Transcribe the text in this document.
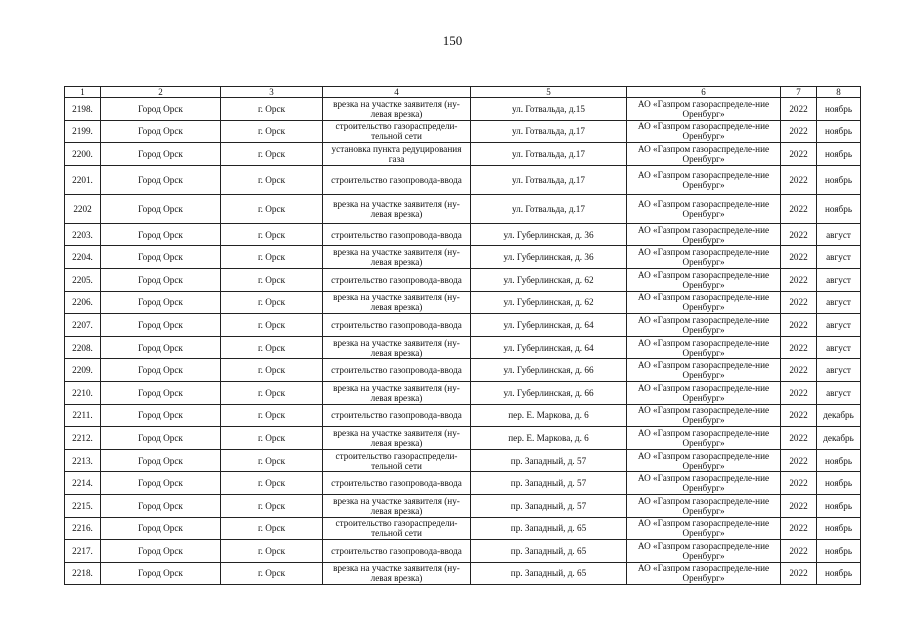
150
1	2	3	4	5	6	7	8
2198.	Город Орск	г. Орск	врезка на участке заявителя (ну-левая врезка)	ул. Готвальда, д.15	АО «Газпром газораспределе-ние Оренбург»	2022	ноябрь
2199.	Город Орск	г. Орск	строительство газораспредели-тельной сети	ул. Готвальда, д.17	АО «Газпром газораспределе-ние Оренбург»	2022	ноябрь
2200.	Город Орск	г. Орск	установка пункта редуцирования газа	ул. Готвальда, д.17	АО «Газпром газораспределе-ние Оренбург»	2022	ноябрь
2201.	Город Орск	г. Орск	строительство газопровода-ввода	ул. Готвальда, д.17	АО «Газпром газораспределе-ние Оренбург»	2022	ноябрь
2202	Город Орск	г. Орск	врезка на участке заявителя (ну-левая врезка)	ул. Готвальда, д.17	АО «Газпром газораспределе-ние Оренбург»	2022	ноябрь
2203.	Город Орск	г. Орск	строительство газопровода-ввода	ул. Губерлинская, д. 36	АО «Газпром газораспределе-ние Оренбург»	2022	август
2204.	Город Орск	г. Орск	врезка на участке заявителя (ну-левая врезка)	ул. Губерлинская, д. 36	АО «Газпром газораспределе-ние Оренбург»	2022	август
2205.	Город Орск	г. Орск	строительство газопровода-ввода	ул. Губерлинская, д. 62	АО «Газпром газораспределе-ние Оренбург»	2022	август
2206.	Город Орск	г. Орск	врезка на участке заявителя (ну-левая врезка)	ул. Губерлинская, д. 62	АО «Газпром газораспределе-ние Оренбург»	2022	август
2207.	Город Орск	г. Орск	строительство газопровода-ввода	ул. Губерлинская, д. 64	АО «Газпром газораспределе-ние Оренбург»	2022	август
2208.	Город Орск	г. Орск	врезка на участке заявителя (ну-левая врезка)	ул. Губерлинская, д. 64	АО «Газпром газораспределе-ние Оренбург»	2022	август
2209.	Город Орск	г. Орск	строительство газопровода-ввода	ул. Губерлинская, д. 66	АО «Газпром газораспределе-ние Оренбург»	2022	август
2210.	Город Орск	г. Орск	врезка на участке заявителя (ну-левая врезка)	ул. Губерлинская, д. 66	АО «Газпром газораспределе-ние Оренбург»	2022	август
2211.	Город Орск	г. Орск	строительство газопровода-ввода	пер. Е. Маркова, д. 6	АО «Газпром газораспределе-ние Оренбург»	2022	декабрь
2212.	Город Орск	г. Орск	врезка на участке заявителя (ну-левая врезка)	пер. Е. Маркова, д. 6	АО «Газпром газораспределе-ние Оренбург»	2022	декабрь
2213.	Город Орск	г. Орск	строительство газораспредели-тельной сети	пр. Западный, д. 57	АО «Газпром газораспределе-ние Оренбург»	2022	ноябрь
2214.	Город Орск	г. Орск	строительство газопровода-ввода	пр. Западный, д. 57	АО «Газпром газораспределе-ние Оренбург»	2022	ноябрь
2215.	Город Орск	г. Орск	врезка на участке заявителя (ну-левая врезка)	пр. Западный, д. 57	АО «Газпром газораспределе-ние Оренбург»	2022	ноябрь
2216.	Город Орск	г. Орск	строительство газораспредели-тельной сети	пр. Западный, д. 65	АО «Газпром газораспределе-ние Оренбург»	2022	ноябрь
2217.	Город Орск	г. Орск	строительство газопровода-ввода	пр. Западный, д. 65	АО «Газпром газораспределе-ние Оренбург»	2022	ноябрь
2218.	Город Орск	г. Орск	врезка на участке заявителя (ну-левая врезка)	пр. Западный, д. 65	АО «Газпром газораспределе-ние Оренбург»	2022	ноябрь
